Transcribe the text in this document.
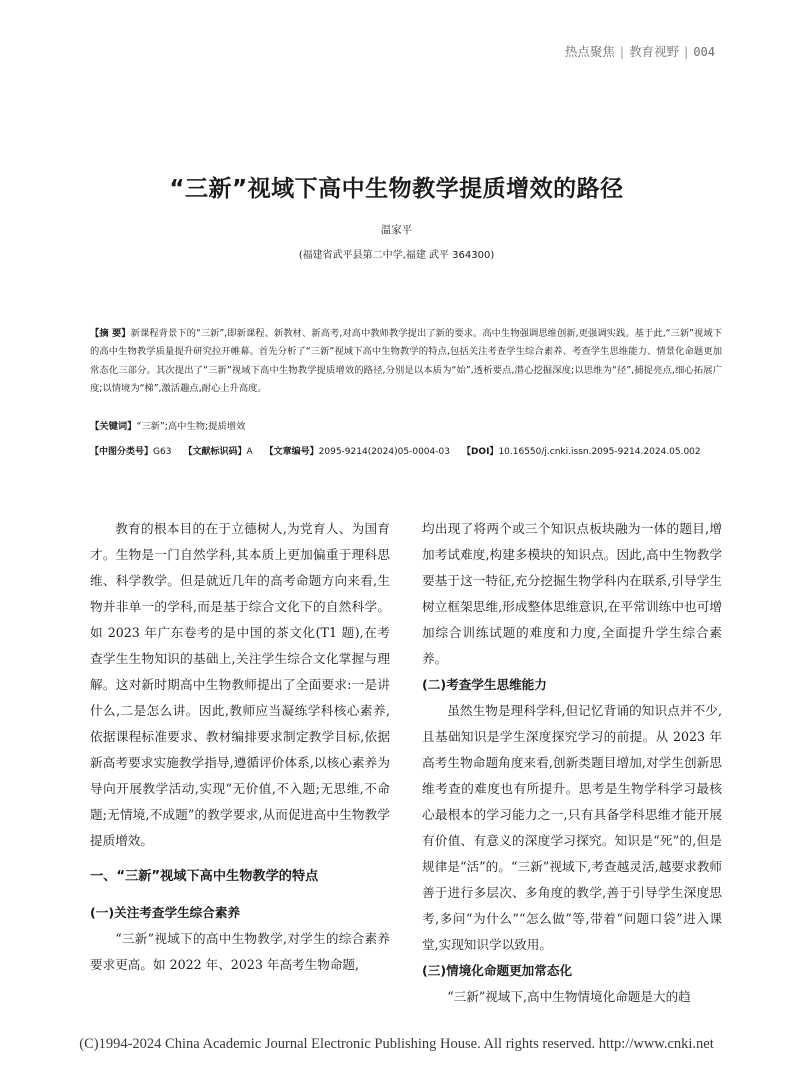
热点聚焦 | 教育视野 | 004
“三新”视域下高中生物教学提质增效的路径
温家平
(福建省武平县第二中学,福建 武平 364300)

【摘 要】新课程背景下的“三新”,即新课程、新教材、新高考,对高中教师教学提出了新的要求。高中生物强调思维创新,更强调实践。基于此,“三新”视域下的高中生物教学质量提升研究拉开帷幕。首先分析了“三新”视域下高中生物教学的特点,包括关注考查学生综合素养、考查学生思维能力、情景化命题更加常态化三部分。其次提出了“三新”视域下高中生物教学提质增效的路径,分别是以本质为“始”,透析要点,潜心挖掘深度;以思维为“径”,捕捉亮点,细心拓展广度;以情境为“梯”,激活趣点,耐心上升高度。

【关键词】“三新”;高中生物;提质增效
【中图分类号】G63 【文献标识码】A 【文章编号】2095-9214(2024)05-0004-03 【DOI】10.16550/j.cnki.issn.2095-9214.2024.05.002

教育的根本目的在于立德树人,为党育人、为国育才。生物是一门自然学科,其本质上更加偏重于理科思维、科学教学。但是就近几年的高考命题方向来看,生物并非单一的学科,而是基于综合文化下的自然科学。如 2023 年广东卷考的是中国的茶文化(T1 题),在考查学生生物知识的基础上,关注学生综合文化掌握与理解。这对新时期高中生物教师提出了全面要求:一是讲什么,二是怎么讲。因此,教师应当凝练学科核心素养,依据课程标准要求、教材编排要求制定教学目标,依据新高考要求实施教学指导,遵循评价体系,以核心素养为导向开展教学活动,实现“无价值,不入题;无思维,不命题;无情境,不成题”的教学要求,从而促进高中生物教学提质增效。

一、“三新”视域下高中生物教学的特点
(一)关注考查学生综合素养

“三新”视域下的高中生物教学,对学生的综合素养要求更高。如 2022 年、2023 年高考生物命题,

均出现了将两个或三个知识点板块融为一体的题目,增加考试难度,构建多模块的知识点。因此,高中生物教学要基于这一特征,充分挖掘生物学科内在联系,引导学生树立框架思维,形成整体思维意识,在平常训练中也可增加综合训练试题的难度和力度,全面提升学生综合素养。

(二)考查学生思维能力

虽然生物是理科学科,但记忆背诵的知识点并不少,且基础知识是学生深度探究学习的前提。从 2023 年高考生物命题角度来看,创新类题目增加,对学生创新思维考查的难度也有所提升。思考是生物学科学习最核心最根本的学习能力之一,只有具备学科思维才能开展有价值、有意义的深度学习探究。知识是“死”的,但是规律是“活”的。“三新”视域下,考查越灵活,越要求教师善于进行多层次、多角度的教学,善于引导学生深度思考,多问“为什么”“怎么做”等,带着“问题口袋”进入课堂,实现知识学以致用。

(三)情境化命题更加常态化

“三新”视域下,高中生物情境化命题是大的趋

(C)1994-2024 China Academic Journal Electronic Publishing House. All rights reserved. http://www.cnki.net
